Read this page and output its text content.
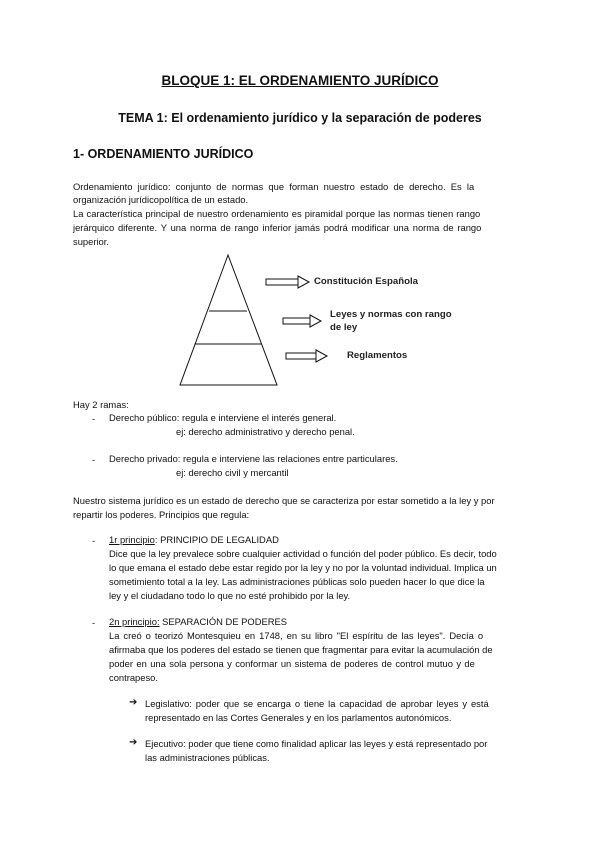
BLOQUE 1: EL ORDENAMIENTO JURÍDICO
TEMA 1: El ordenamiento jurídico y la separación de poderes
1- ORDENAMIENTO JURÍDICO
Ordenamiento jurídico: conjunto de normas que forman nuestro estado de derecho. Es la
organización jurídicopolítica de un estado.
La característica principal de nuestro ordenamiento es piramidal porque las normas tienen rango
jerárquico diferente. Y una norma de rango inferior jamás podrá modificar una norma de rango
superior.
Constitución Española
Leyes y normas con rango
de ley
Reglamentos
Hay 2 ramas:
- Derecho público: regula e interviene el interés general.
ej: derecho administrativo y derecho penal.
- Derecho privado: regula e interviene las relaciones entre particulares.
ej: derecho civil y mercantil
Nuestro sistema jurídico es un estado de derecho que se caracteriza por estar sometido a la ley y por
repartir los poderes. Principios que regula:
- 1r principio: PRINCIPIO DE LEGALIDAD
Dice que la ley prevalece sobre cualquier actividad o función del poder público. Es decir, todo
lo que emana el estado debe estar regido por la ley y no por la voluntad individual. Implica un
sometimiento total a la ley. Las administraciones públicas solo pueden hacer lo que dice la
ley y el ciudadano todo lo que no esté prohibido por la ley.
- 2n principio: SEPARACIÓN DE PODERES
La creó o teorizó Montesquieu en 1748, en su libro "El espíritu de las leyes". Decía o
afirmaba que los poderes del estado se tienen que fragmentar para evitar la acumulación de
poder en una sola persona y conformar un sistema de poderes de control mutuo y de
contrapeso.
➔ Legislativo: poder que se encarga o tiene la capacidad de aprobar leyes y está
representado en las Cortes Generales y en los parlamentos autonómicos.
➔ Ejecutivo: poder que tiene como finalidad aplicar las leyes y está representado por
las administraciones públicas.
